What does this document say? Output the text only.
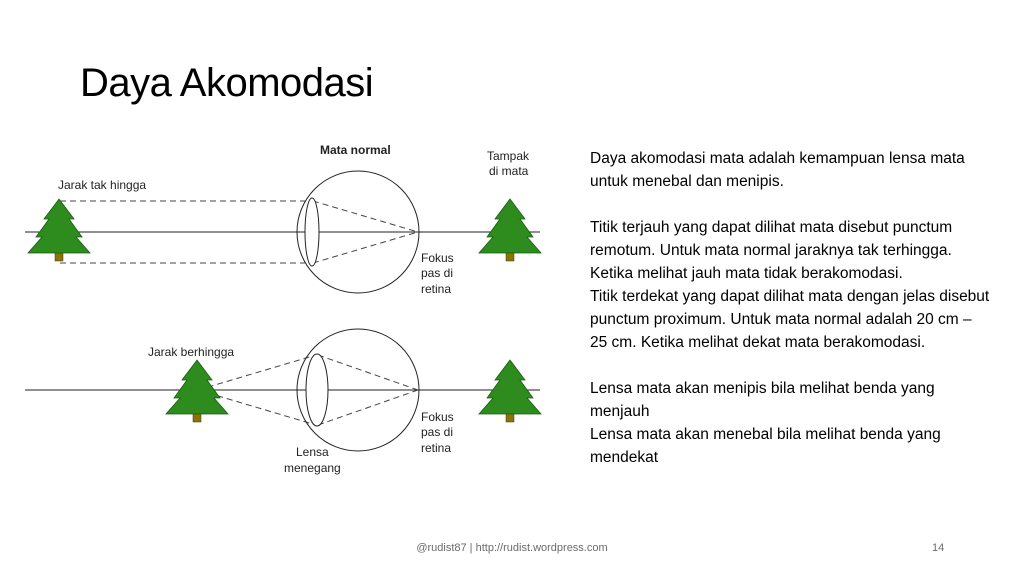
Daya Akomodasi
Mata normal
Jarak tak hingga
Tampak
di mata
Fokus
pas di
retina
Jarak berhingga
Fokus
pas di
retina
Lensa
menegang

Daya akomodasi mata adalah kemampuan lensa mata untuk menebal dan menipis.

Titik terjauh yang dapat dilihat mata disebut punctum remotum. Untuk mata normal jaraknya tak terhingga. Ketika melihat jauh mata tidak berakomodasi.

Titik terdekat yang dapat dilihat mata dengan jelas disebut punctum proximum. Untuk mata normal adalah 20 cm – 25 cm. Ketika melihat dekat mata berakomodasi.

Lensa mata akan menipis bila melihat benda yang menjauh

Lensa mata akan menebal bila melihat benda yang mendekat

@rudist87 | http://rudist.wordpress.com	14
